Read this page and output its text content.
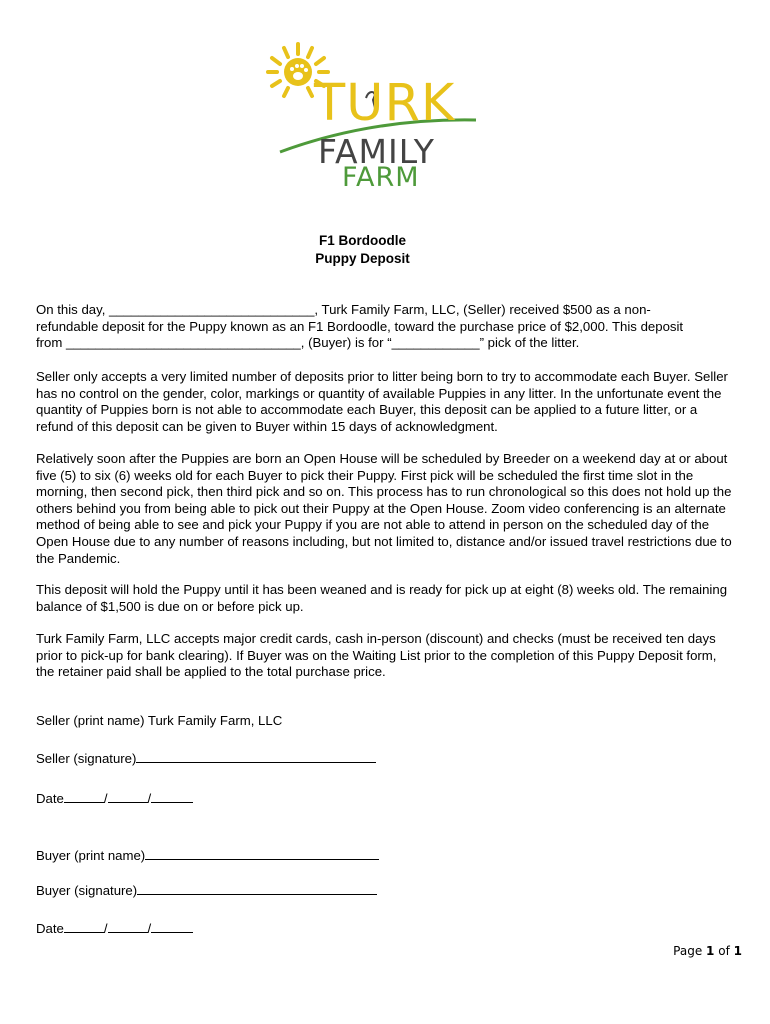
TURK
FAMILY
FARM
F1 Bordoodle
Puppy Deposit
On this day, ____________________________, Turk Family Farm, LLC, (Seller) received $500 as a non-
refundable deposit for the Puppy known as an F1 Bordoodle, toward the purchase price of $2,000. This deposit
from ________________________________, (Buyer) is for “____________” pick of the litter.
Seller only accepts a very limited number of deposits prior to litter being born to try to accommodate each Buyer. Seller has no control on the gender, color, markings or quantity of available Puppies in any litter. In the unfortunate event the quantity of Puppies born is not able to accommodate each Buyer, this deposit can be applied to a future litter, or a refund of this deposit can be given to Buyer within 15 days of acknowledgment.
Relatively soon after the Puppies are born an Open House will be scheduled by Breeder on a weekend day at or about five (5) to six (6) weeks old for each Buyer to pick their Puppy. First pick will be scheduled the first time slot in the morning, then second pick, then third pick and so on. This process has to run chronological so this does not hold up the others behind you from being able to pick out their Puppy at the Open House. Zoom video conferencing is an alternate method of being able to see and pick your Puppy if you are not able to attend in person on the scheduled day of the Open House due to any number of reasons including, but not limited to, distance and/or issued travel restrictions due to the Pandemic.
This deposit will hold the Puppy until it has been weaned and is ready for pick up at eight (8) weeks old. The remaining balance of $1,500 is due on or before pick up.
Turk Family Farm, LLC accepts major credit cards, cash in-person (discount) and checks (must be received ten days prior to pick-up for bank clearing). If Buyer was on the Waiting List prior to the completion of this Puppy Deposit form, the retainer paid shall be applied to the total purchase price.
Seller (print name) Turk Family Farm, LLC
Seller (signature)
Date	/	/
Buyer (print name)
Buyer (signature)
Date	/	/
Page 1 of 1
